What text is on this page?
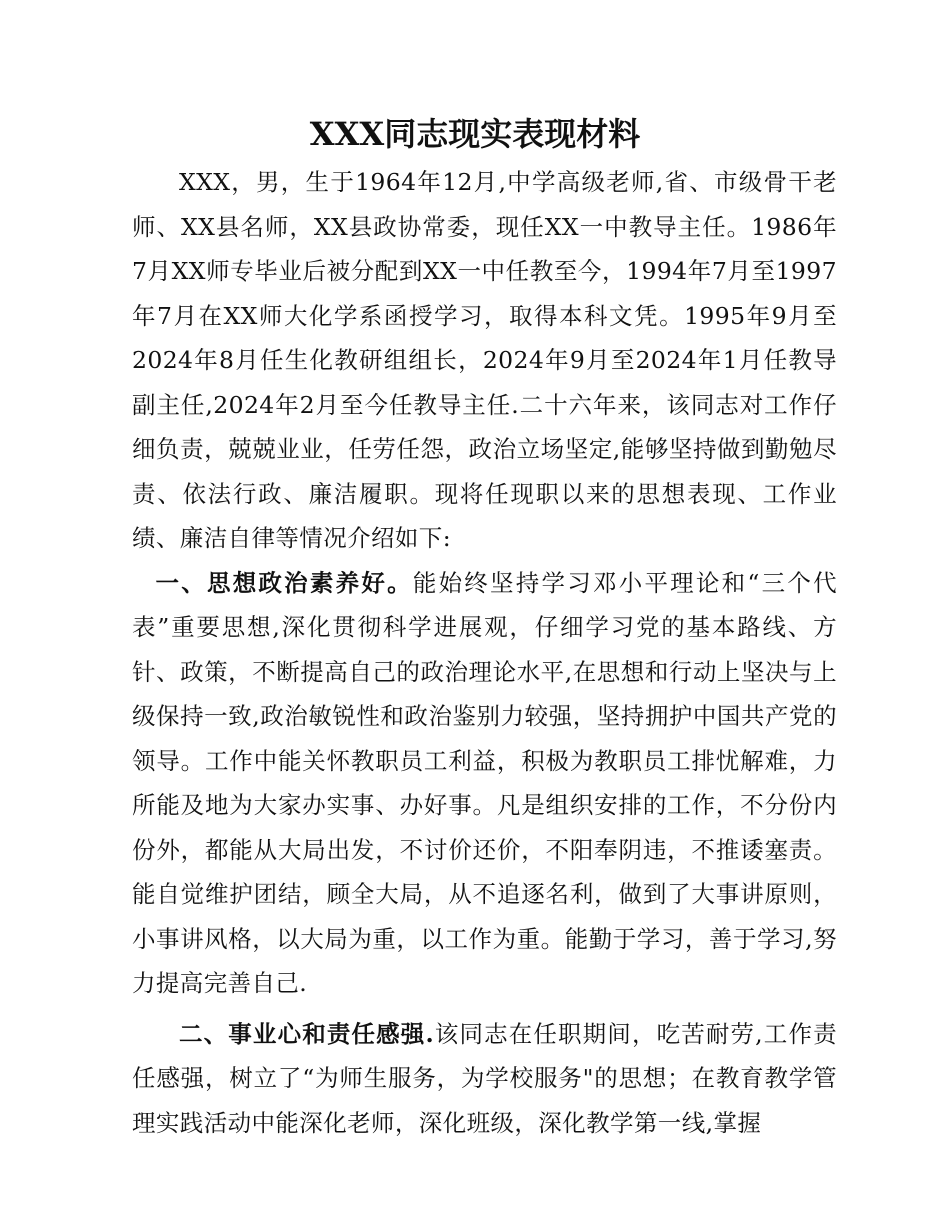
XXX同志现实表现材料

XXX，男，生于1964年12月,中学高级老师,省、市级骨干老师、XX县名师，XX县政协常委，现任XX一中教导主任。1986年7月XX师专毕业后被分配到XX一中任教至今，1994年7月至1997年7月在XX师大化学系函授学习，取得本科文凭。1995年9月至2024年8月任生化教研组组长，2024年9月至2024年1月任教导副主任,2024年2月至今任教导主任.二十六年来，该同志对工作仔细负责，兢兢业业，任劳任怨，政治立场坚定,能够坚持做到勤勉尽责、依法行政、廉洁履职。现将任现职以来的思想表现、工作业绩、廉洁自律等情况介绍如下:

一、思想政治素养好。能始终坚持学习邓小平理论和“三个代表”重要思想,深化贯彻科学进展观，仔细学习党的基本路线、方针、政策，不断提高自己的政治理论水平,在思想和行动上坚决与上级保持一致,政治敏锐性和政治鉴别力较强，坚持拥护中国共产党的领导。工作中能关怀教职员工利益，积极为教职员工排忧解难，力所能及地为大家办实事、办好事。凡是组织安排的工作，不分份内份外，都能从大局出发，不讨价还价，不阳奉阴违，不推诿塞责。能自觉维护团结，顾全大局，从不追逐名利，做到了大事讲原则，小事讲风格，以大局为重，以工作为重。能勤于学习，善于学习,努力提高完善自己.

二、事业心和责任感强.该同志在任职期间，吃苦耐劳,工作责任感强，树立了“为师生服务，为学校服务"的思想；在教育教学管理实践活动中能深化老师，深化班级，深化教学第一线,掌握
